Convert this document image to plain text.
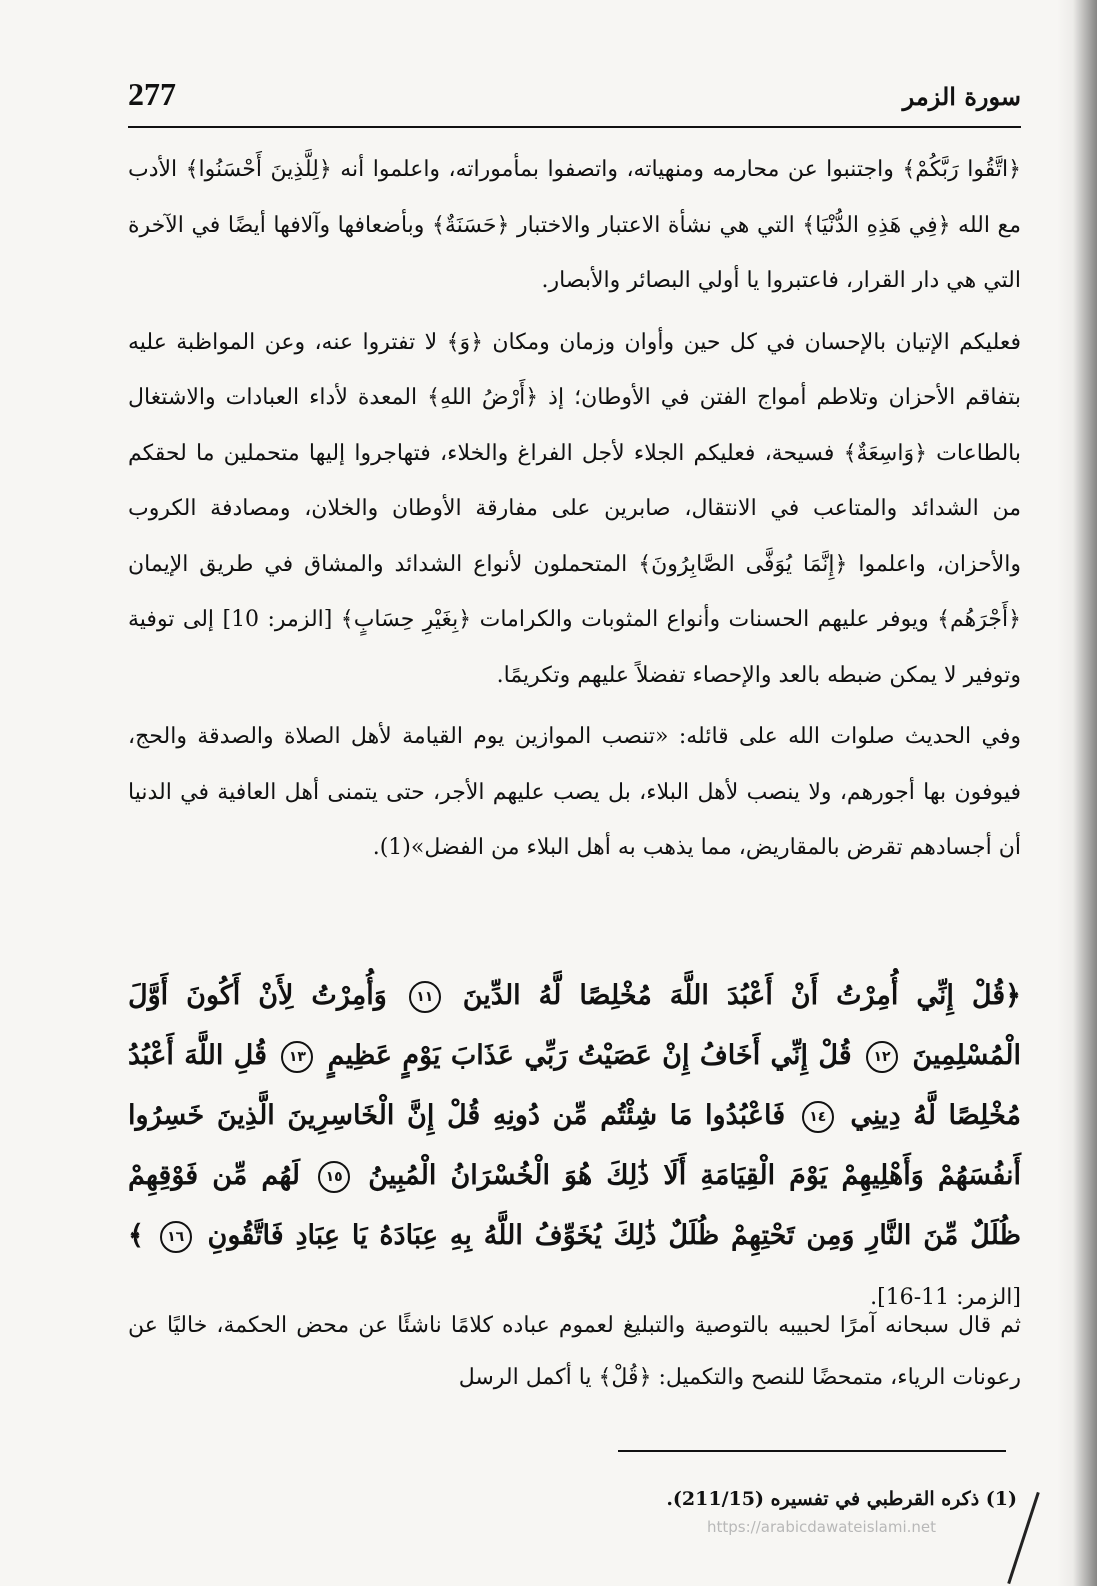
277	سورة الزمر

﴿اتَّقُوا رَبَّكُمْ﴾ واجتنبوا عن محارمه ومنهياته، واتصفوا بمأموراته، واعلموا أنه ﴿لِلَّذِينَ أَحْسَنُوا﴾ الأدب مع الله ﴿فِي هَذِهِ الدُّنْيَا﴾ التي هي نشأة الاعتبار والاختبار ﴿حَسَنَةٌ﴾ وبأضعافها وآلافها أيضًا في الآخرة التي هي دار القرار، فاعتبروا يا أولي البصائر والأبصار.

فعليكم الإتيان بالإحسان في كل حين وأوان وزمان ومكان ﴿وَ﴾ لا تفتروا عنه، وعن المواظبة عليه بتفاقم الأحزان وتلاطم أمواج الفتن في الأوطان؛ إذ ﴿أَرْضُ اللهِ﴾ المعدة لأداء العبادات والاشتغال بالطاعات ﴿وَاسِعَةٌ﴾ فسيحة، فعليكم الجلاء لأجل الفراغ والخلاء، فتهاجروا إليها متحملين ما لحقكم من الشدائد والمتاعب في الانتقال، صابرين على مفارقة الأوطان والخلان، ومصادفة الكروب والأحزان، واعلموا ﴿إِنَّمَا يُوَفَّى الصَّابِرُونَ﴾ المتحملون لأنواع الشدائد والمشاق في طريق الإيمان ﴿أَجْرَهُم﴾ ويوفر عليهم الحسنات وأنواع المثوبات والكرامات ﴿بِغَيْرِ حِسَابٍ﴾ [الزمر: 10] إلى توفية وتوفير لا يمكن ضبطه بالعد والإحصاء تفضلاً عليهم وتكريمًا.

وفي الحديث صلوات الله على قائله: «تنصب الموازين يوم القيامة لأهل الصلاة والصدقة والحج، فيوفون بها أجورهم، ولا ينصب لأهل البلاء، بل يصب عليهم الأجر، حتى يتمنى أهل العافية في الدنيا أن أجسادهم تقرض بالمقاريض، مما يذهب به أهل البلاء من الفضل»(1).

﴿قُلْ إِنِّي أُمِرْتُ أَنْ أَعْبُدَ اللَّهَ مُخْلِصًا لَّهُ الدِّينَ ١١ وَأُمِرْتُ لِأَنْ أَكُونَ أَوَّلَ الْمُسْلِمِينَ ١٢ قُلْ إِنِّي أَخَافُ إِنْ عَصَيْتُ رَبِّي عَذَابَ يَوْمٍ عَظِيمٍ ١٣ قُلِ اللَّهَ أَعْبُدُ مُخْلِصًا لَّهُ دِينِي ١٤ فَاعْبُدُوا مَا شِئْتُم مِّن دُونِهِ قُلْ إِنَّ الْخَاسِرِينَ الَّذِينَ خَسِرُوا أَنفُسَهُمْ وَأَهْلِيهِمْ يَوْمَ الْقِيَامَةِ أَلَا ذَٰلِكَ هُوَ الْخُسْرَانُ الْمُبِينُ ١٥ لَهُم مِّن فَوْقِهِمْ ظُلَلٌ مِّنَ النَّارِ وَمِن تَحْتِهِمْ ظُلَلٌ ذَٰلِكَ يُخَوِّفُ اللَّهُ بِهِ عِبَادَهُ يَا عِبَادِ فَاتَّقُونِ ١٦ ﴾ [الزمر: 11-16].
ثم قال سبحانه آمرًا لحبيبه بالتوصية والتبليغ لعموم عباده كلامًا ناشئًا عن محض الحكمة، خاليًا عن رعونات الرياء، متمحضًا للنصح والتكميل: ﴿قُلْ﴾ يا أكمل الرسل
(1) ذكره القرطبي في تفسيره (211/15).
https://arabicdawateislami.net
